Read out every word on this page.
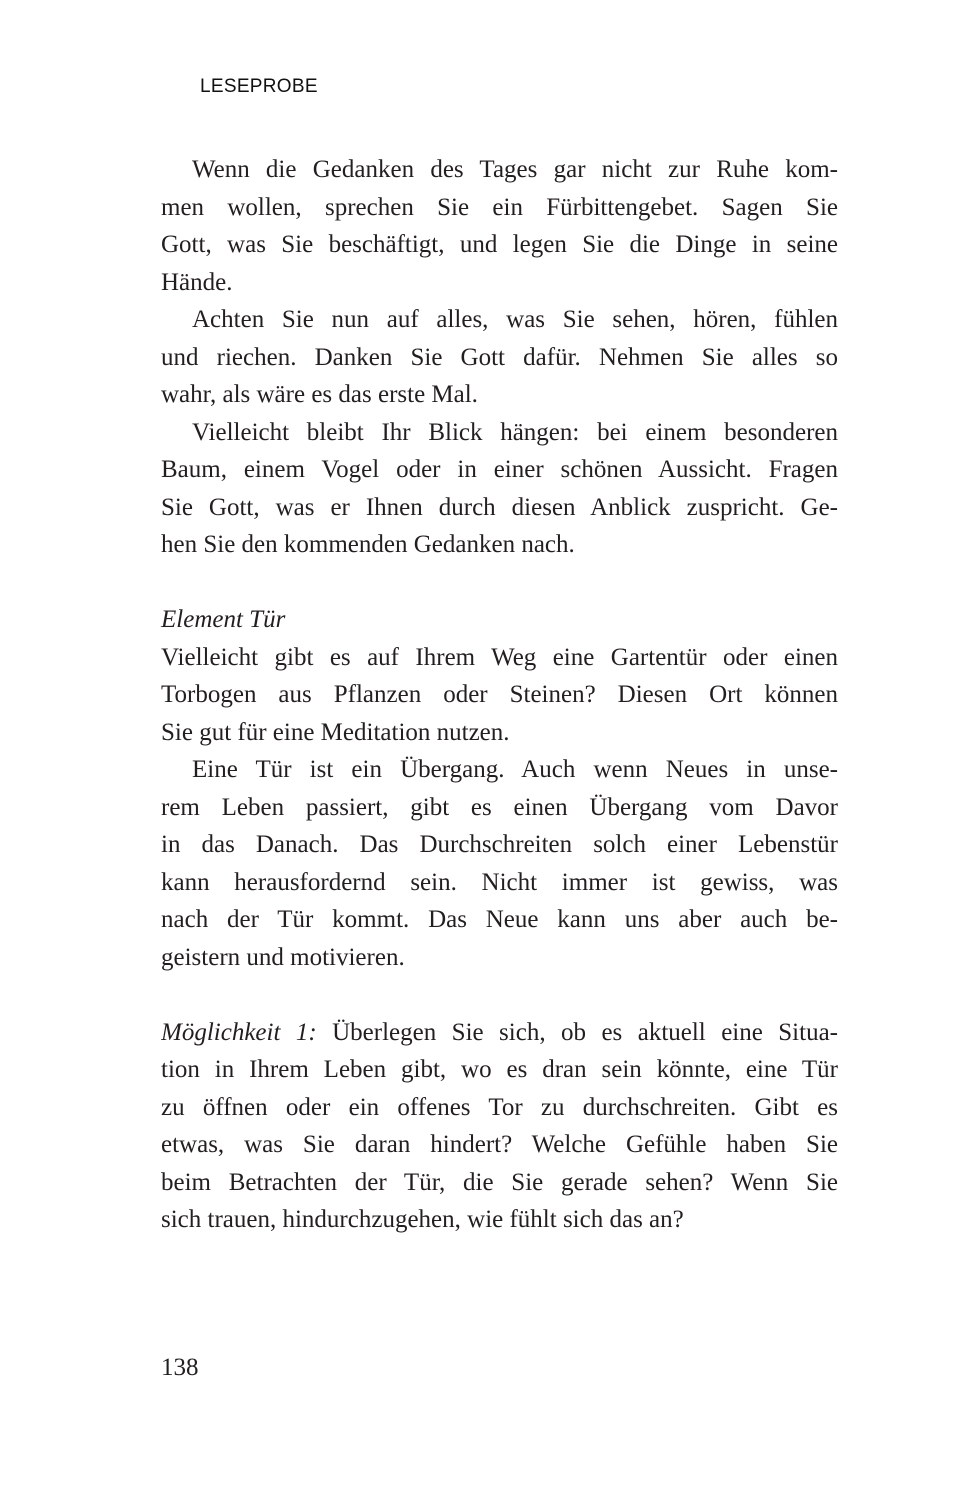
LESEPROBE
Wenn die Gedanken des Tages gar nicht zur Ruhe kom-
men wollen, sprechen Sie ein Fürbittengebet. Sagen Sie
Gott, was Sie beschäftigt, und legen Sie die Dinge in seine
Hände.
Achten Sie nun auf alles, was Sie sehen, hören, fühlen
und riechen. Danken Sie Gott dafür. Nehmen Sie alles so
wahr, als wäre es das erste Mal.
Vielleicht bleibt Ihr Blick hängen: bei einem besonderen
Baum, einem Vogel oder in einer schönen Aussicht. Fragen
Sie Gott, was er Ihnen durch diesen Anblick zuspricht. Ge-
hen Sie den kommenden Gedanken nach.

Element Tür
Vielleicht gibt es auf Ihrem Weg eine Gartentür oder einen
Torbogen aus Pflanzen oder Steinen? Diesen Ort können
Sie gut für eine Meditation nutzen.
Eine Tür ist ein Übergang. Auch wenn Neues in unse-
rem Leben passiert, gibt es einen Übergang vom Davor
in das Danach. Das Durchschreiten solch einer Lebenstür
kann herausfordernd sein. Nicht immer ist gewiss, was
nach der Tür kommt. Das Neue kann uns aber auch be-
geistern und motivieren.

Möglichkeit 1: Überlegen Sie sich, ob es aktuell eine Situa-
tion in Ihrem Leben gibt, wo es dran sein könnte, eine Tür
zu öffnen oder ein offenes Tor zu durchschreiten. Gibt es
etwas, was Sie daran hindert? Welche Gefühle haben Sie
beim Betrachten der Tür, die Sie gerade sehen? Wenn Sie
sich trauen, hindurchzugehen, wie fühlt sich das an?
138
